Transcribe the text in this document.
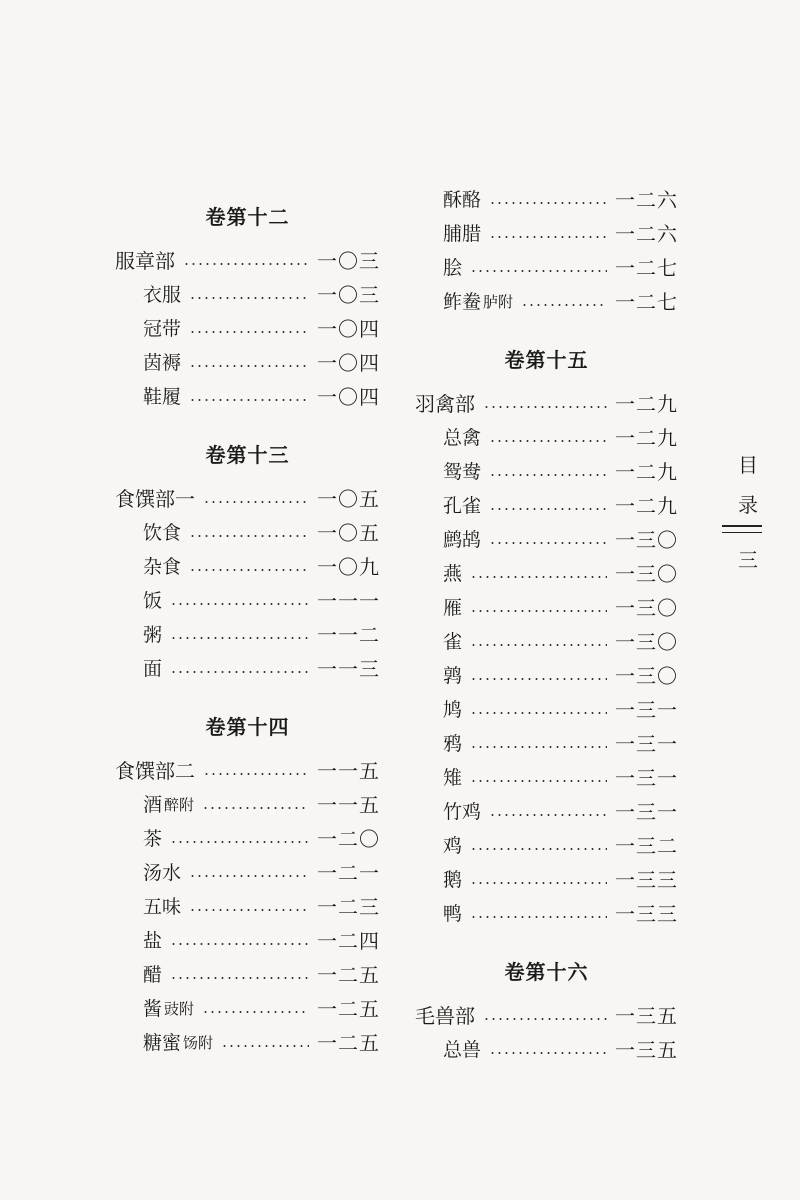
卷第十二
服章部	一〇三
衣服	一〇三
冠带	一〇四
茵褥	一〇四
鞋履	一〇四
卷第十三
食馔部一	一〇五
饮食	一〇五
杂食	一〇九
饭	一一一
粥	一一二
面	一一三
卷第十四
食馔部二	一一五
酒 醉附	一一五
茶	一二〇
汤水	一二一
五味	一二三
盐	一二四
醋	一二五
酱 豉附	一二五
糖蜜 饧附	一二五
酥酪	一二六
脯腊	一二六
脍	一二七
鲊鲞 胪附	一二七
卷第十五
羽禽部	一二九
总禽	一二九
鸳鸯	一二九
孔雀	一二九
鹧鸪	一三〇
燕	一三〇
雁	一三〇
雀	一三〇
鹑	一三〇
鸠	一三一
鸦	一三一
雉	一三一
竹鸡	一三一
鸡	一三二
鹅	一三三
鸭	一三三
卷第十六
毛兽部	一三五
总兽	一三五
目
录
三
